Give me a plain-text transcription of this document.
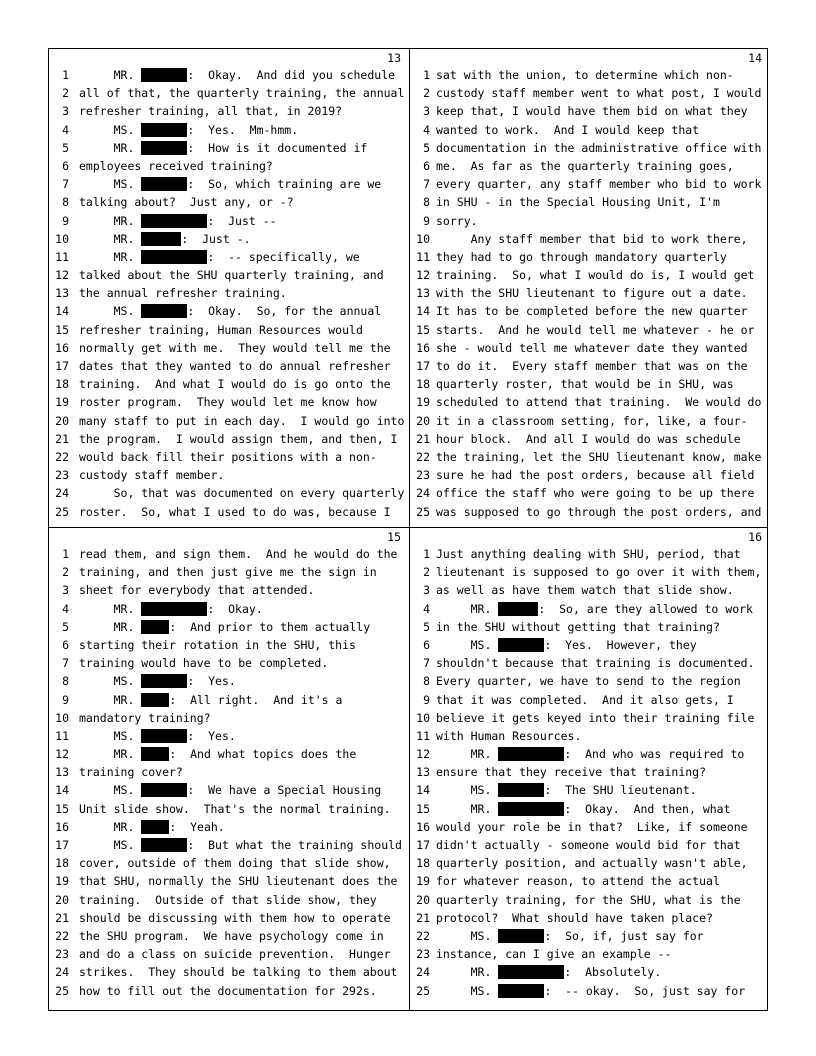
13
1	MR.	:  Okay.  And did you schedule
2 all of that, the quarterly training, the annual
3 refresher training, all that, in 2019?
4	MS.	:  Yes.  Mm-hmm.
5	MR.	:  How is it documented if
6 employees received training?
7	MS.	:  So, which training are we
8 talking about?  Just any, or -?
9	MR.	:  Just --
10	MR.	:  Just -.
11	MR.	:  -- specifically, we
12 talked about the SHU quarterly training, and
13 the annual refresher training.
14	MS.	:  Okay.  So, for the annual
15 refresher training, Human Resources would
16 normally get with me.  They would tell me the
17 dates that they wanted to do annual refresher
18 training.  And what I would do is go onto the
19 roster program.  They would let me know how
20 many staff to put in each day.  I would go into
21 the program.  I would assign them, and then, I
22 would back fill their positions with a non-
23 custody staff member.
24 So, that was documented on every quarterly
25 roster.  So, what I used to do was, because I
14
1 sat with the union, to determine which non-
2 custody staff member went to what post, I would
3 keep that, I would have them bid on what they
4 wanted to work.  And I would keep that
5 documentation in the administrative office with
6 me.  As far as the quarterly training goes,
7 every quarter, any staff member who bid to work
8 in SHU - in the Special Housing Unit, I'm
9 sorry.
10 Any staff member that bid to work there,
11 they had to go through mandatory quarterly
12 training.  So, what I would do is, I would get
13 with the SHU lieutenant to figure out a date.
14 It has to be completed before the new quarter
15 starts.  And he would tell me whatever - he or
16 she - would tell me whatever date they wanted
17 to do it.  Every staff member that was on the
18 quarterly roster, that would be in SHU, was
19 scheduled to attend that training.  We would do
20 it in a classroom setting, for, like, a four-
21 hour block.  And all I would do was schedule
22 the training, let the SHU lieutenant know, make
23 sure he had the post orders, because all field
24 office the staff who were going to be up there
25 was supposed to go through the post orders, and
15
1 read them, and sign them.  And he would do the
2 training, and then just give me the sign in
3 sheet for everybody that attended.
4	MR.	:  Okay.
5	MR.	:  And prior to them actually
6 starting their rotation in the SHU, this
7 training would have to be completed.
8	MS.	:  Yes.
9	MR.	:  All right.  And it's a
10 mandatory training?
11	MS.	:  Yes.
12	MR.	:  And what topics does the
13 training cover?
14	MS.	:  We have a Special Housing
15 Unit slide show.  That's the normal training.
16	MR.	:  Yeah.
17	MS.	:  But what the training should
18 cover, outside of them doing that slide show,
19 that SHU, normally the SHU lieutenant does the
20 training.  Outside of that slide show, they
21 should be discussing with them how to operate
22 the SHU program.  We have psychology come in
23 and do a class on suicide prevention.  Hunger
24 strikes.  They should be talking to them about
25 how to fill out the documentation for 292s.
16
1 Just anything dealing with SHU, period, that
2 lieutenant is supposed to go over it with them,
3 as well as have them watch that slide show.
4	MR.	:  So, are they allowed to work
5 in the SHU without getting that training?
6	MS.	:  Yes.  However, they
7 shouldn't because that training is documented.
8 Every quarter, we have to send to the region
9 that it was completed.  And it also gets, I
10 believe it gets keyed into their training file
11 with Human Resources.
12	MR.	:  And who was required to
13 ensure that they receive that training?
14	MS.	:  The SHU lieutenant.
15	MR.	:  Okay.  And then, what
16 would your role be in that?  Like, if someone
17 didn't actually - someone would bid for that
18 quarterly position, and actually wasn't able,
19 for whatever reason, to attend the actual
20 quarterly training, for the SHU, what is the
21 protocol?  What should have taken place?
22	MS.	:  So, if, just say for
23 instance, can I give an example --
24	MR.	:  Absolutely.
25	MS.	:  -- okay.  So, just say for
